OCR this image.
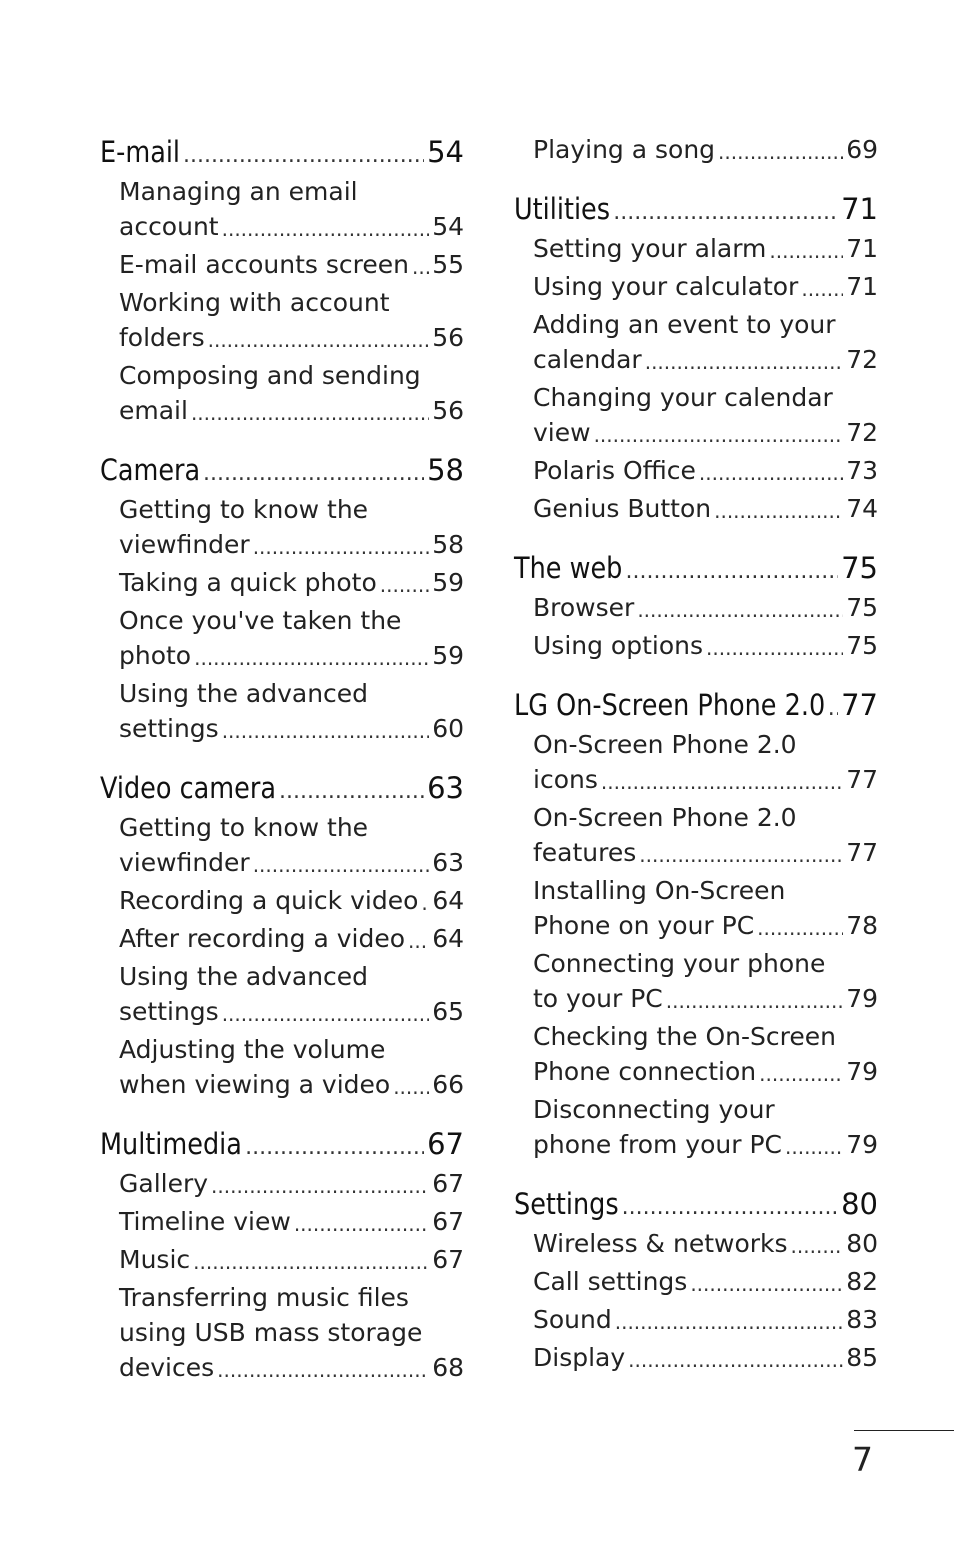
E-mail .....	54
Managing an email
account .....	54
E-mail accounts screen ..... 55
Working with account
folders .....	56
Composing and sending
email .....	56
Camera .....	58
Getting to know the
viewfinder .....	58
Taking a quick photo ..... 59
Once you've taken the
photo .....	59
Using the advanced
settings .....	60
Video camera .....	63
Getting to know the
viewfinder .....	63
Recording a quick video ..... 64
After recording a video ..... 64
Using the advanced
settings .....	65
Adjusting the volume
when viewing a video ..... 66
Multimedia .....	67
Gallery .....	67
Timeline view .....	67
Music .....	67
Transferring music files
using USB mass storage
devices .....	68
Playing a song .....	69
Utilities .....	71
Setting your alarm .....	71
Using your calculator ..... 71
Adding an event to your
calendar .....	72
Changing your calendar
view .....	72
Polaris Office .....	73
Genius Button .....	74
The web .....	75
Browser .....	75
Using options .....	75
LG On-Screen Phone 2.0 ..... 77
On-Screen Phone 2.0
icons .....	77
On-Screen Phone 2.0
features .....	77
Installing On-Screen
Phone on your PC .....	78
Connecting your phone
to your PC .....	79
Checking the On-Screen
Phone connection .....	79
Disconnecting your
phone from your PC .....	79
Settings .....	80
Wireless & networks ..... 80
Call settings .....	82
Sound .....	83
Display .....	85
7
